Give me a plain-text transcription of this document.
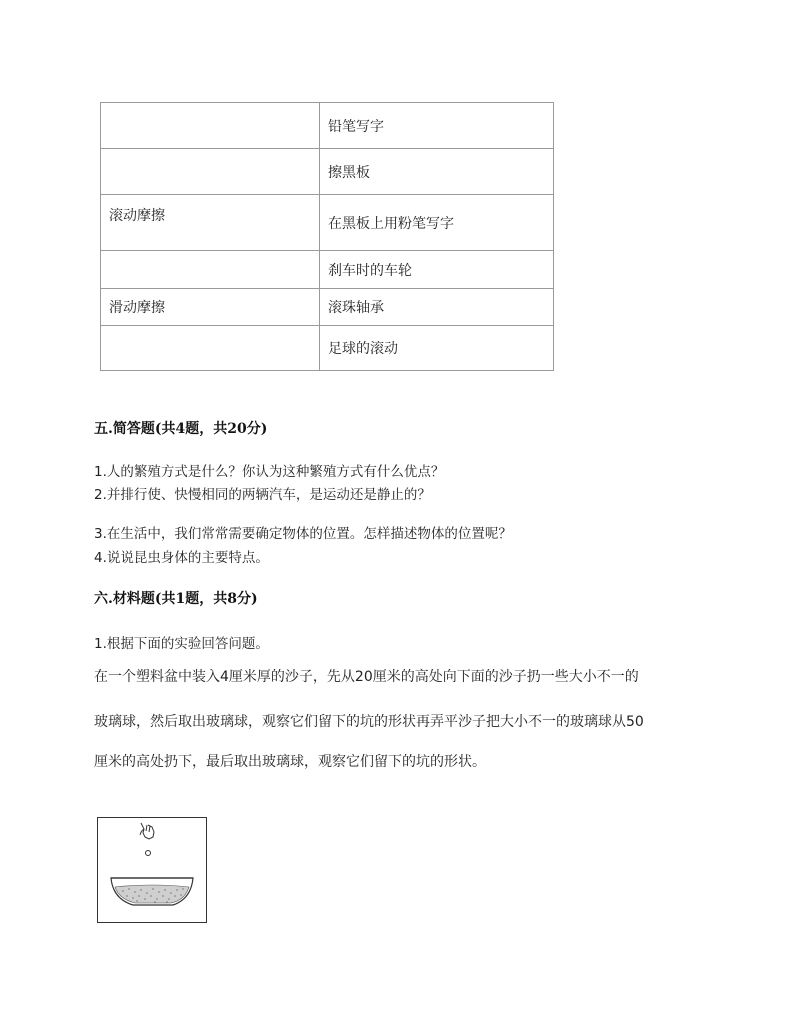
	铅笔写字
	擦黑板
滚动摩擦	在黑板上用粉笔写字
	刹车时的车轮
滑动摩擦	滚珠轴承
	足球的滚动
五.简答题(共4题，共20分)
1.人的繁殖方式是什么？你认为这种繁殖方式有什么优点？
2.并排行使、快慢相同的两辆汽车，是运动还是静止的？
3.在生活中，我们常常需要确定物体的位置。怎样描述物体的位置呢？
4.说说昆虫身体的主要特点。
六.材料题(共1题，共8分)
1.根据下面的实验回答问题。
在一个塑料盆中装入4厘米厚的沙子，先从20厘米的高处向下面的沙子扔一些大小不一的
玻璃球，然后取出玻璃球，观察它们留下的坑的形状再弄平沙子把大小不一的玻璃球从50
厘米的高处扔下，最后取出玻璃球，观察它们留下的坑的形状。
